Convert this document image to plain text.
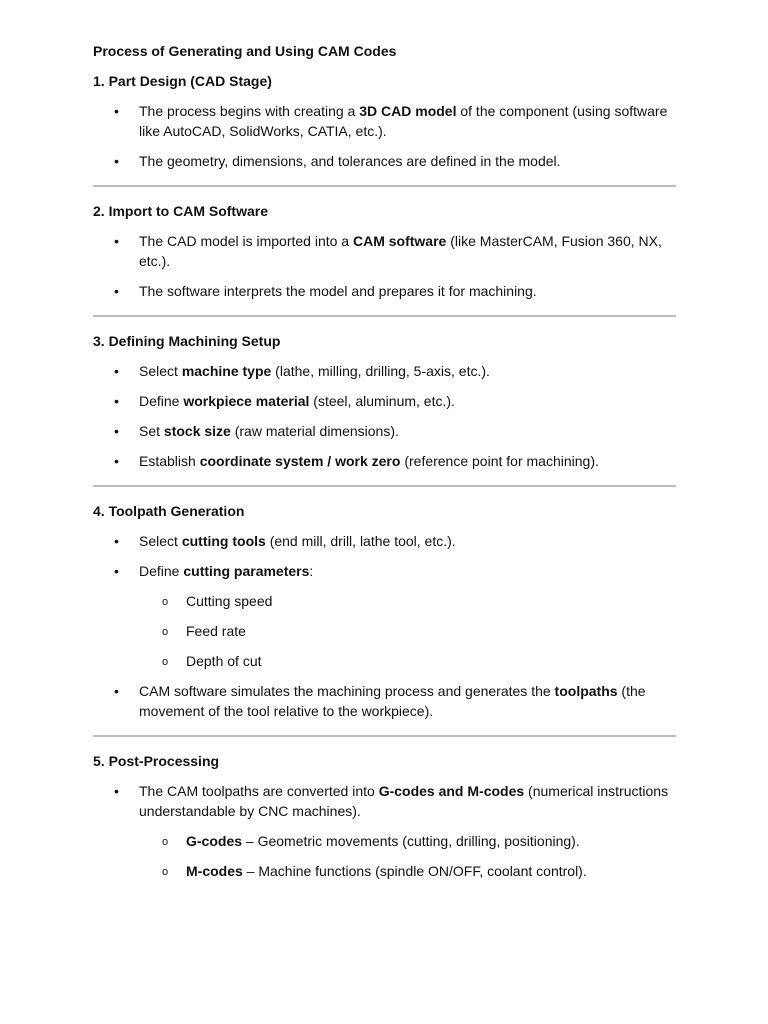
Process of Generating and Using CAM Codes
1. Part Design (CAD Stage)
• The process begins with creating a 3D CAD model of the component (using software like AutoCAD, SolidWorks, CATIA, etc.).
• The geometry, dimensions, and tolerances are defined in the model.
2. Import to CAM Software
• The CAD model is imported into a CAM software (like MasterCAM, Fusion 360, NX, etc.).
• The software interprets the model and prepares it for machining.
3. Defining Machining Setup
• Select machine type (lathe, milling, drilling, 5-axis, etc.).
• Define workpiece material (steel, aluminum, etc.).
• Set stock size (raw material dimensions).
• Establish coordinate system / work zero (reference point for machining).
4. Toolpath Generation
• Select cutting tools (end mill, drill, lathe tool, etc.).
• Define cutting parameters:
o Cutting speed
o Feed rate
o Depth of cut
• CAM software simulates the machining process and generates the toolpaths (the movement of the tool relative to the workpiece).
5. Post-Processing
• The CAM toolpaths are converted into G-codes and M-codes (numerical instructions understandable by CNC machines).
o G-codes – Geometric movements (cutting, drilling, positioning).
o M-codes – Machine functions (spindle ON/OFF, coolant control).
